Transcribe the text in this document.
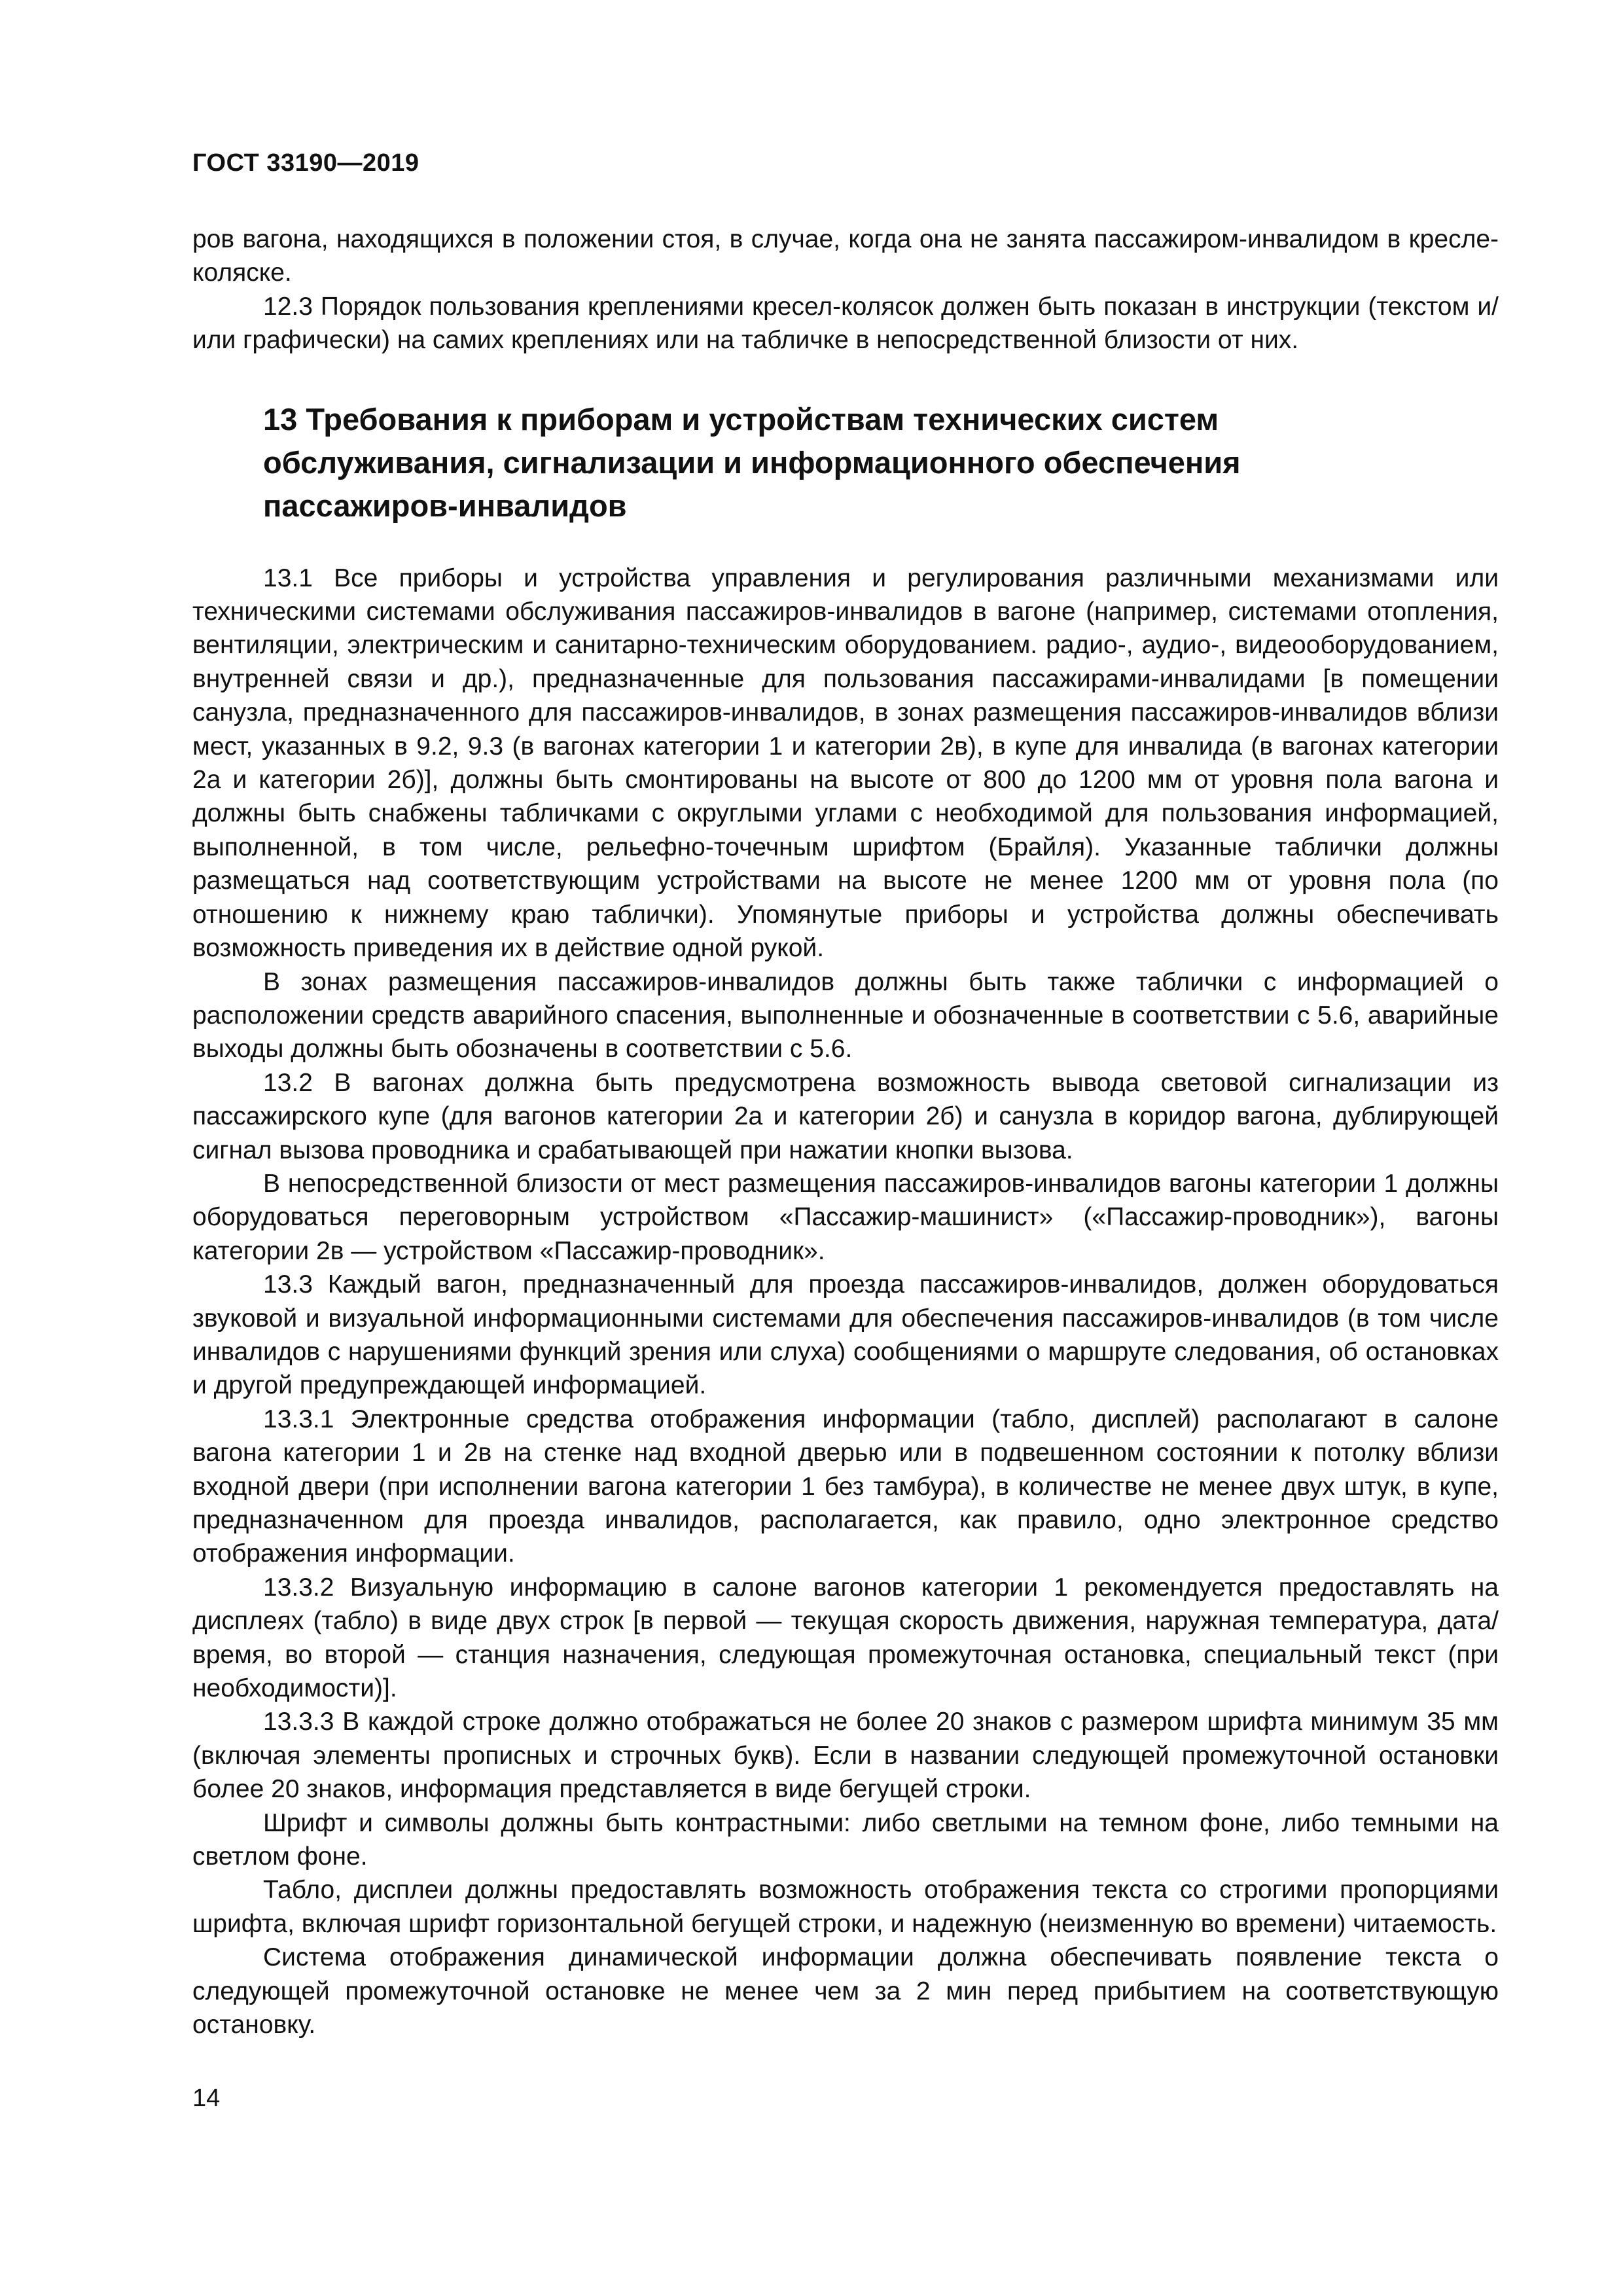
ГОСТ 33190—2019

ров вагона, находящихся в положении стоя, в случае, когда она не занята пассажиром-инвалидом в кресле-коляске.

12.3 Порядок пользования креплениями кресел-колясок должен быть показан в инструкции (текстом и/или графически) на самих креплениях или на табличке в непосредственной близости от них.

13 Требования к приборам и устройствам технических систем обслуживания, сигнализации и информационного обеспечения пассажиров-инвалидов

13.1 Все приборы и устройства управления и регулирования различными механизмами или техническими системами обслуживания пассажиров-инвалидов в вагоне (например, системами отопления, вентиляции, электрическим и санитарно-техническим оборудованием. радио-, аудио-, видеооборудованием, внутренней связи и др.), предназначенные для пользования пассажирами-инвалидами [в помещении санузла, предназначенного для пассажиров-инвалидов, в зонах размещения пассажиров-инвалидов вблизи мест, указанных в 9.2, 9.3 (в вагонах категории 1 и категории 2в), в купе для инвалида (в вагонах категории 2а и категории 2б)], должны быть смонтированы на высоте от 800 до 1200 мм от уровня пола вагона и должны быть снабжены табличками с округлыми углами с необходимой для пользования информацией, выполненной, в том числе, рельефно-точечным шрифтом (Брайля). Указанные таблички должны размещаться над соответствующим устройствами на высоте не менее 1200 мм от уровня пола (по отношению к нижнему краю таблички). Упомянутые приборы и устройства должны обеспечивать возможность приведения их в действие одной рукой.

В зонах размещения пассажиров-инвалидов должны быть также таблички с информацией о расположении средств аварийного спасения, выполненные и обозначенные в соответствии с 5.6, аварийные выходы должны быть обозначены в соответствии с 5.6.

13.2 В вагонах должна быть предусмотрена возможность вывода световой сигнализации из пассажирского купе (для вагонов категории 2а и категории 2б) и санузла в коридор вагона, дублирующей сигнал вызова проводника и срабатывающей при нажатии кнопки вызова.

В непосредственной близости от мест размещения пассажиров-инвалидов вагоны категории 1 должны оборудоваться переговорным устройством «Пассажир-машинист» («Пассажир-проводник»), вагоны категории 2в — устройством «Пассажир-проводник».

13.3 Каждый вагон, предназначенный для проезда пассажиров-инвалидов, должен оборудоваться звуковой и визуальной информационными системами для обеспечения пассажиров-инвалидов (в том числе инвалидов с нарушениями функций зрения или слуха) сообщениями о маршруте следования, об остановках и другой предупреждающей информацией.

13.3.1 Электронные средства отображения информации (табло, дисплей) располагают в салоне вагона категории 1 и 2в на стенке над входной дверью или в подвешенном состоянии к потолку вблизи входной двери (при исполнении вагона категории 1 без тамбура), в количестве не менее двух штук, в купе, предназначенном для проезда инвалидов, располагается, как правило, одно электронное средство отображения информации.

13.3.2 Визуальную информацию в салоне вагонов категории 1 рекомендуется предоставлять на дисплеях (табло) в виде двух строк [в первой — текущая скорость движения, наружная температура, дата/время, во второй — станция назначения, следующая промежуточная остановка, специальный текст (при необходимости)].

13.3.3 В каждой строке должно отображаться не более 20 знаков с размером шрифта минимум 35 мм (включая элементы прописных и строчных букв). Если в названии следующей промежуточной остановки более 20 знаков, информация представляется в виде бегущей строки.

Шрифт и символы должны быть контрастными: либо светлыми на темном фоне, либо темными на светлом фоне.

Табло, дисплеи должны предоставлять возможность отображения текста со строгими пропорциями шрифта, включая шрифт горизонтальной бегущей строки, и надежную (неизменную во времени) читаемость.

Система отображения динамической информации должна обеспечивать появление текста о следующей промежуточной остановке не менее чем за 2 мин перед прибытием на соответствующую остановку.

14
